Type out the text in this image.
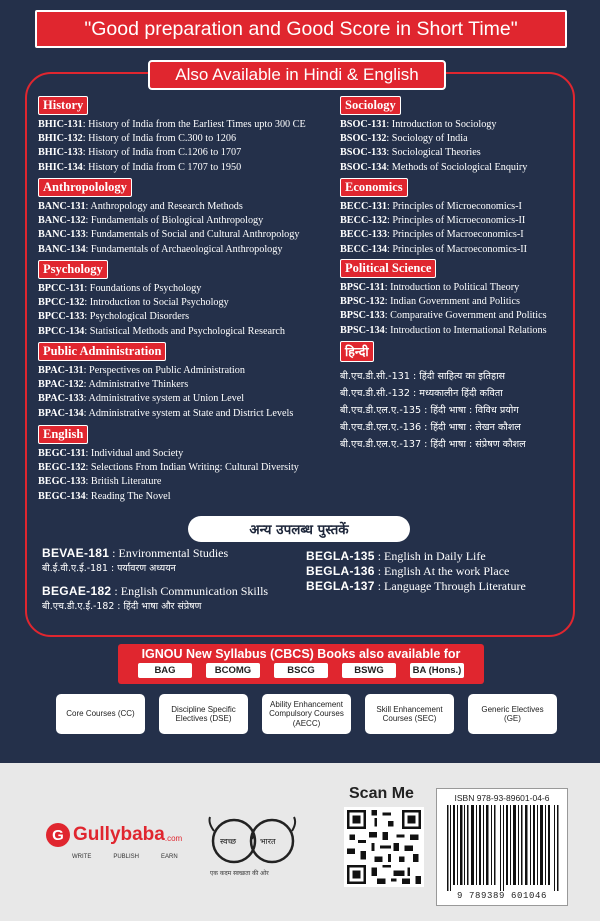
"Good preparation and Good Score in Short Time"
Also Available in Hindi & English
History
BHIC-131: History of India from the Earliest Times upto 300 CE
BHIC-132: History of India from C.300 to 1206
BHIC-133: History of India from C.1206 to 1707
BHIC-134: History of India from C 1707 to 1950
Anthropolology
BANC-131: Anthropology and Research Methods
BANC-132: Fundamentals of Biological Anthropology
BANC-133: Fundamentals of Social and Cultural Anthropology
BANC-134: Fundamentals of Archaeological Anthropology
Psychology
BPCC-131: Foundations of Psychology
BPCC-132: Introduction to Social Psychology
BPCC-133: Psychological Disorders
BPCC-134: Statistical Methods and Psychological Research
Public Administration
BPAC-131: Perspectives on Public Administration
BPAC-132: Administrative Thinkers
BPAC-133: Administrative system at Union Level
BPAC-134: Administrative system at State and District Levels
English
BEGC-131: Individual and Society
BEGC-132: Selections From Indian Writing: Cultural Diversity
BEGC-133: British Literature
BEGC-134: Reading The Novel
Sociology
BSOC-131: Introduction to Sociology
BSOC-132: Sociology of India
BSOC-133: Sociological Theories
BSOC-134: Methods of Sociological Enquiry
Economics
BECC-131: Principles of Microeconomics-I
BECC-132: Principles of Microeconomics-II
BECC-133: Principles of Macroeconomics-I
BECC-134: Principles of Macroeconomics-II
Political Science
BPSC-131: Introduction to Political Theory
BPSC-132: Indian Government and Politics
BPSC-133: Comparative Government and Politics
BPSC-134: Introduction to International Relations
हिन्दी
बी.एच.डी.सी.-131 : हिंदी साहित्य का इतिहास
बी.एच.डी.सी.-132 : मध्यकालीन हिंदी कविता
बी.एच.डी.एल.ए.-135 : हिंदी भाषा : विविध प्रयोग
बी.एच.डी.एल.ए.-136 : हिंदी भाषा : लेखन कौशल
बी.एच.डी.एल.ए.-137 : हिंदी भाषा : संप्रेषण कौशल
अन्य उपलब्ध पुस्तकें
BEVAE-181 : Environmental Studies
बी.ई.वी.ए.ई.-181 : पर्यावरण अध्ययन
BEGAE-182 : English Communication Skills
बी.एच.डी.ए.ई.-182 : हिंदी भाषा और संप्रेषण
BEGLA-135 : English in Daily Life
BEGLA-136 : English At the work Place
BEGLA-137 : Language Through Literature
IGNOU New Syllabus (CBCS) Books also available for
BAG	BCOMG	BSCG	BSWG	BA (Hons.)
Core Courses (CC)
Discipline Specific Electives (DSE)
Ability Enhancement Compulsory Courses (AECC)
Skill Enhancement Courses (SEC)
Generic Electives (GE)
G Gullybaba .com
WRITE	PUBLISH	EARN
स्वच्छ	भारत
एक कदम स्वच्छता की ओर
Scan Me	ISBN 978-93-89601-04-6
9 789389 601046
